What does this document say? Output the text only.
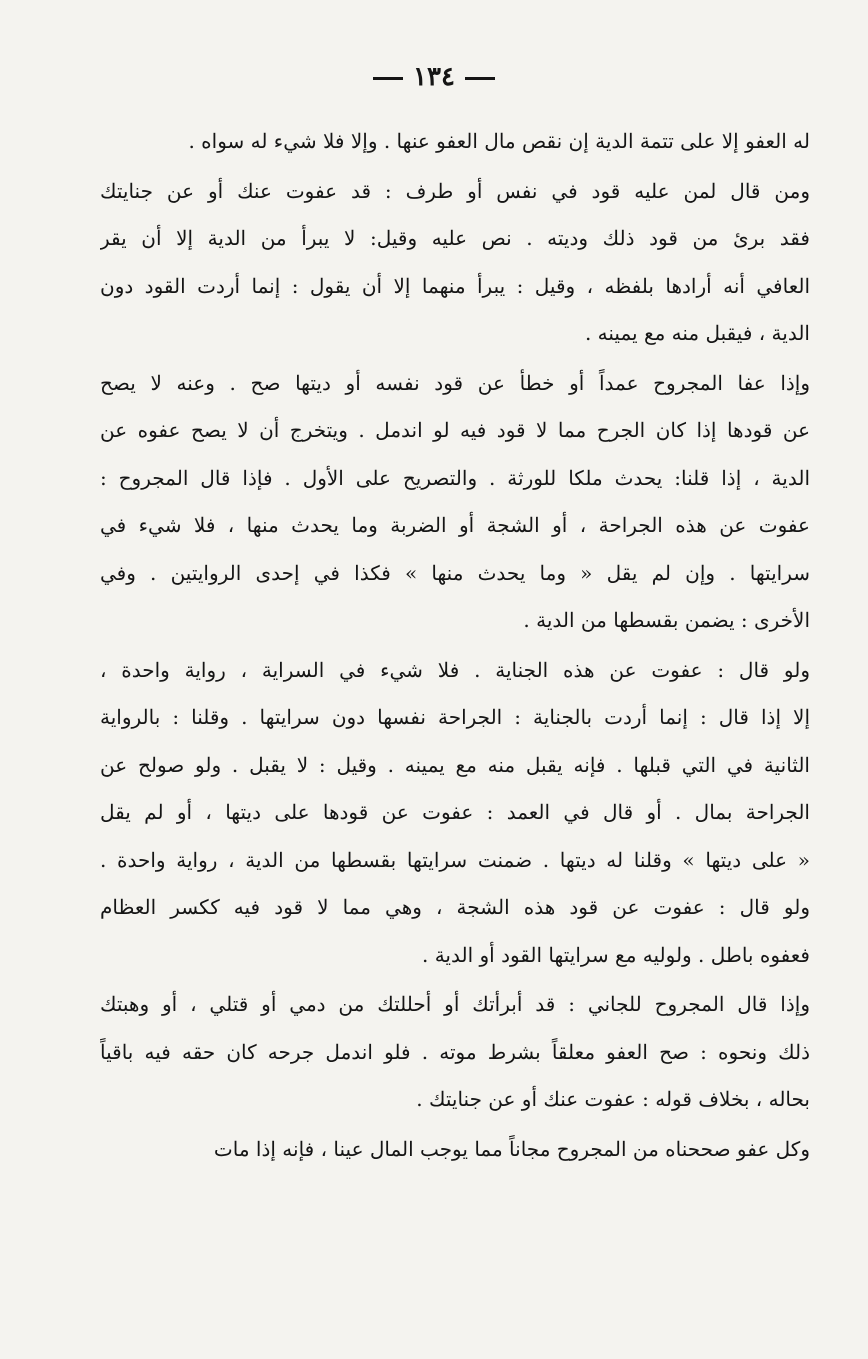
١٣٤
له العفو إلا على تتمة الدية إن نقص مال العفو عنها . وإلا فلا شيء له سواه .
ومن قال لمن عليه قود في نفس أو طرف : قد عفوت عنك أو عن جنايتك
فقد برئ من قود ذلك وديته . نص عليه وقيل: لا يبرأ من الدية إلا أن يقر
العافي أنه أرادها بلفظه ، وقيل : يبرأ منهما إلا أن يقول : إنما أردت القود دون
الدية ، فيقبل منه مع يمينه .
وإذا عفا المجروح عمداً أو خطأ عن قود نفسه أو ديتها صح . وعنه لا يصح
عن قودها إذا كان الجرح مما لا قود فيه لو اندمل . ويتخرج أن لا يصح عفوه عن
الدية ، إذا قلنا: يحدث ملكا للورثة . والتصريح على الأول . فإذا قال المجروح :
عفوت عن هذه الجراحة ، أو الشجة أو الضربة وما يحدث منها ، فلا شيء في
سرايتها . وإن لم يقل « وما يحدث منها » فكذا في إحدى الروايتين . وفي
الأخرى : يضمن بقسطها من الدية .
ولو قال : عفوت عن هذه الجناية . فلا شيء في السراية ، رواية واحدة ،
إلا إذا قال : إنما أردت بالجناية : الجراحة نفسها دون سرايتها . وقلنا : بالرواية
الثانية في التي قبلها . فإنه يقبل منه مع يمينه . وقيل : لا يقبل . ولو صولح عن
الجراحة بمال . أو قال في العمد : عفوت عن قودها على ديتها ، أو لم يقل
« على ديتها » وقلنا له ديتها . ضمنت سرايتها بقسطها من الدية ، رواية واحدة .
ولو قال : عفوت عن قود هذه الشجة ، وهي مما لا قود فيه ككسر العظام
فعفوه باطل . ولوليه مع سرايتها القود أو الدية .
وإذا قال المجروح للجاني : قد أبرأتك أو أحللتك من دمي أو قتلي ، أو وهبتك
ذلك ونحوه : صح العفو معلقاً بشرط موته . فلو اندمل جرحه كان حقه فيه باقياً
بحاله ، بخلاف قوله : عفوت عنك أو عن جنايتك .
وكل عفو صححناه من المجروح مجاناً مما يوجب المال عينا ، فإنه إذا مات
